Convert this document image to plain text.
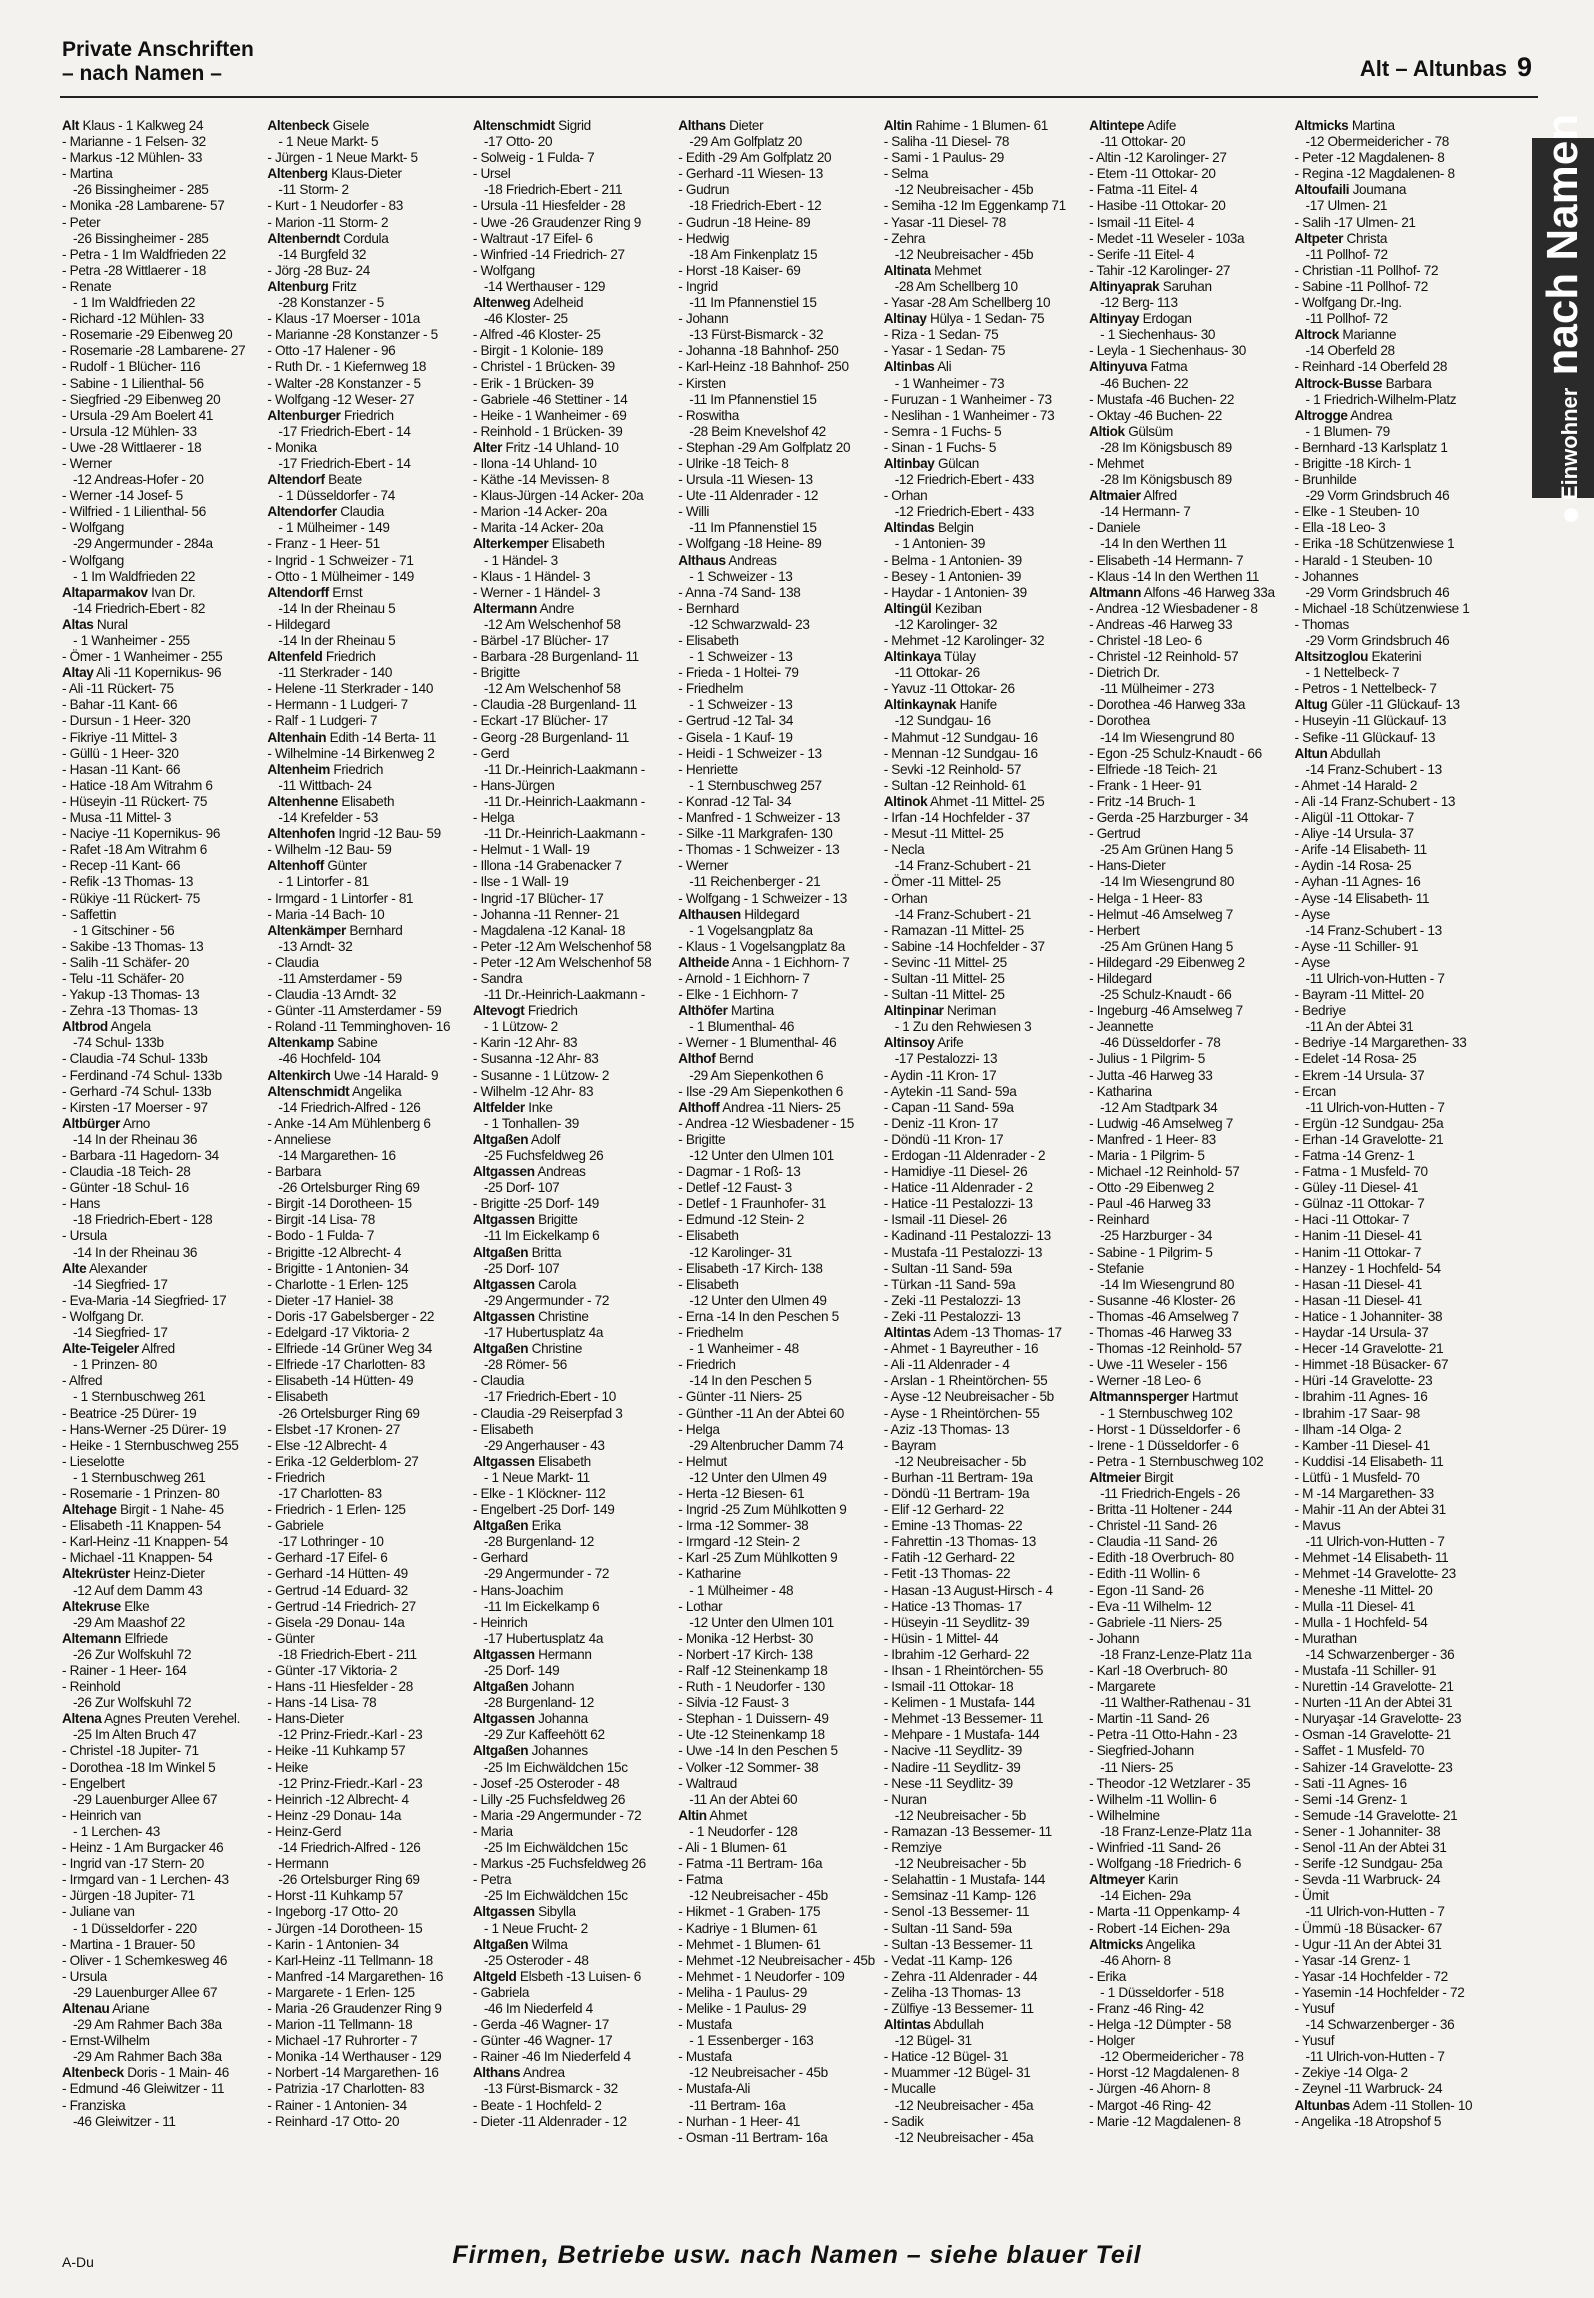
Private Anschriften
– nach Namen –	Alt – Altunbas 9
Einwohner nach Namen
Alt Klaus - 1 Kalkweg 24
- Marianne - 1 Felsen- 32
- Markus -12 Mühlen- 33
- Martina
-26 Bissingheimer - 285
- Monika -28 Lambarene- 57
- Peter
-26 Bissingheimer - 285
- Petra - 1 Im Waldfrieden 22
- Petra -28 Wittlaerer - 18
- Renate
- 1 Im Waldfrieden 22
- Richard -12 Mühlen- 33
- Rosemarie -29 Eibenweg 20
- Rosemarie -28 Lambarene- 27
- Rudolf - 1 Blücher- 116
- Sabine - 1 Lilienthal- 56
- Siegfried -29 Eibenweg 20
- Ursula -29 Am Boelert 41
- Ursula -12 Mühlen- 33
- Uwe -28 Wittlaerer - 18
- Werner
-12 Andreas-Hofer - 20
- Werner -14 Josef- 5
- Wilfried - 1 Lilienthal- 56
- Wolfgang
-29 Angermunder - 284a
- Wolfgang
- 1 Im Waldfrieden 22
Altaparmakov Ivan Dr.
-14 Friedrich-Ebert - 82
Altas Nural
- 1 Wanheimer - 255
- Ömer - 1 Wanheimer - 255
Altay Ali -11 Kopernikus- 96
- Ali -11 Rückert- 75
- Bahar -11 Kant- 66
- Dursun - 1 Heer- 320
- Fikriye -11 Mittel- 3
- Güllü - 1 Heer- 320
- Hasan -11 Kant- 66
- Hatice -18 Am Witrahm 6
- Hüseyin -11 Rückert- 75
- Musa -11 Mittel- 3
- Naciye -11 Kopernikus- 96
- Rafet -18 Am Witrahm 6
- Recep -11 Kant- 66
- Refik -13 Thomas- 13
- Rükiye -11 Rückert- 75
- Saffettin
- 1 Gitschiner - 56
- Sakibe -13 Thomas- 13
- Salih -11 Schäfer- 20
- Telu -11 Schäfer- 20
- Yakup -13 Thomas- 13
- Zehra -13 Thomas- 13
Altbrod Angela
-74 Schul- 133b
- Claudia -74 Schul- 133b
- Ferdinand -74 Schul- 133b
- Gerhard -74 Schul- 133b
- Kirsten -17 Moerser - 97
Altbürger Arno
-14 In der Rheinau 36
- Barbara -11 Hagedorn- 34
- Claudia -18 Teich- 28
- Günter -18 Schul- 16
- Hans
-18 Friedrich-Ebert - 128
- Ursula
-14 In der Rheinau 36
Alte Alexander
-14 Siegfried- 17
- Eva-Maria -14 Siegfried- 17
- Wolfgang Dr.
-14 Siegfried- 17
Alte-Teigeler Alfred
- 1 Prinzen- 80
- Alfred
- 1 Sternbuschweg 261
- Beatrice -25 Dürer- 19
- Hans-Werner -25 Dürer- 19
- Heike - 1 Sternbuschweg 255
- Lieselotte
- 1 Sternbuschweg 261
- Rosemarie - 1 Prinzen- 80
Altehage Birgit - 1 Nahe- 45
- Elisabeth -11 Knappen- 54
- Karl-Heinz -11 Knappen- 54
- Michael -11 Knappen- 54
Altekrüster Heinz-Dieter
-12 Auf dem Damm 43
Altekruse Elke
-29 Am Maashof 22
Altemann Elfriede
-26 Zur Wolfskuhl 72
- Rainer - 1 Heer- 164
- Reinhold
-26 Zur Wolfskuhl 72
Altena Agnes Preuten Verehel.
-25 Im Alten Bruch 47
- Christel -18 Jupiter- 71
- Dorothea -18 Im Winkel 5
- Engelbert
-29 Lauenburger Allee 67
- Heinrich van
- 1 Lerchen- 43
- Heinz - 1 Am Burgacker 46
- Ingrid van -17 Stern- 20
- Irmgard van - 1 Lerchen- 43
- Jürgen -18 Jupiter- 71
- Juliane van
- 1 Düsseldorfer - 220
- Martina - 1 Brauer- 50
- Oliver - 1 Schemkesweg 46
- Ursula
-29 Lauenburger Allee 67
Altenau Ariane
-29 Am Rahmer Bach 38a
- Ernst-Wilhelm
-29 Am Rahmer Bach 38a
Altenbeck Doris - 1 Main- 46
- Edmund -46 Gleiwitzer - 11
- Franziska
-46 Gleiwitzer - 11
Altenbeck Gisele
- 1 Neue Markt- 5
- Jürgen - 1 Neue Markt- 5
Altenberg Klaus-Dieter
-11 Storm- 2
- Kurt - 1 Neudorfer - 83
- Marion -11 Storm- 2
Altenberndt Cordula
-14 Burgfeld 32
- Jörg -28 Buz- 24
Altenburg Fritz
-28 Konstanzer - 5
- Klaus -17 Moerser - 101a
- Marianne -28 Konstanzer - 5
- Otto -17 Halener - 96
- Ruth Dr. - 1 Kiefernweg 18
- Walter -28 Konstanzer - 5
- Wolfgang -12 Weser- 27
Altenburger Friedrich
-17 Friedrich-Ebert - 14
- Monika
-17 Friedrich-Ebert - 14
Altendorf Beate
- 1 Düsseldorfer - 74
Altendorfer Claudia
- 1 Mülheimer - 149
- Franz - 1 Heer- 51
- Ingrid - 1 Schweizer - 71
- Otto - 1 Mülheimer - 149
Altendorff Ernst
-14 In der Rheinau 5
- Hildegard
-14 In der Rheinau 5
Altenfeld Friedrich
-11 Sterkrader - 140
- Helene -11 Sterkrader - 140
- Hermann - 1 Ludgeri- 7
- Ralf - 1 Ludgeri- 7
Altenhain Edith -14 Berta- 11
- Wilhelmine -14 Birkenweg 2
Altenheim Friedrich
-11 Wittbach- 24
Altenhenne Elisabeth
-14 Krefelder - 53
Altenhofen Ingrid -12 Bau- 59
- Wilhelm -12 Bau- 59
Altenhoff Günter
- 1 Lintorfer - 81
- Irmgard - 1 Lintorfer - 81
- Maria -14 Bach- 10
Altenkämper Bernhard
-13 Arndt- 32
- Claudia
-11 Amsterdamer - 59
- Claudia -13 Arndt- 32
- Günter -11 Amsterdamer - 59
- Roland -11 Temminghoven- 16
Altenkamp Sabine
-46 Hochfeld- 104
Altenkirch Uwe -14 Harald- 9
Altenschmidt Angelika
-14 Friedrich-Alfred - 126
- Anke -14 Am Mühlenberg 6
- Anneliese
-14 Margarethen- 16
- Barbara
-26 Ortelsburger Ring 69
- Birgit -14 Dorotheen- 15
- Birgit -14 Lisa- 78
- Bodo - 1 Fulda- 7
- Brigitte -12 Albrecht- 4
- Brigitte - 1 Antonien- 34
- Charlotte - 1 Erlen- 125
- Dieter -17 Haniel- 38
- Doris -17 Gabelsberger - 22
- Edelgard -17 Viktoria- 2
- Elfriede -14 Grüner Weg 34
- Elfriede -17 Charlotten- 83
- Elisabeth -14 Hütten- 49
- Elisabeth
-26 Ortelsburger Ring 69
- Elsbet -17 Kronen- 27
- Else -12 Albrecht- 4
- Erika -12 Gelderblom- 27
- Friedrich
-17 Charlotten- 83
- Friedrich - 1 Erlen- 125
- Gabriele
-17 Lothringer - 10
- Gerhard -17 Eifel- 6
- Gerhard -14 Hütten- 49
- Gertrud -14 Eduard- 32
- Gertrud -14 Friedrich- 27
- Gisela -29 Donau- 14a
- Günter
-18 Friedrich-Ebert - 211
- Günter -17 Viktoria- 2
- Hans -11 Hiesfelder - 28
- Hans -14 Lisa- 78
- Hans-Dieter
-12 Prinz-Friedr.-Karl - 23
- Heike -11 Kuhkamp 57
- Heike
-12 Prinz-Friedr.-Karl - 23
- Heinrich -12 Albrecht- 4
- Heinz -29 Donau- 14a
- Heinz-Gerd
-14 Friedrich-Alfred - 126
- Hermann
-26 Ortelsburger Ring 69
- Horst -11 Kuhkamp 57
- Ingeborg -17 Otto- 20
- Jürgen -14 Dorotheen- 15
- Karin - 1 Antonien- 34
- Karl-Heinz -11 Tellmann- 18
- Manfred -14 Margarethen- 16
- Margarete - 1 Erlen- 125
- Maria -26 Graudenzer Ring 9
- Marion -11 Tellmann- 18
- Michael -17 Ruhrorter - 7
- Monika -14 Werthauser - 129
- Norbert -14 Margarethen- 16
- Patrizia -17 Charlotten- 83
- Rainer - 1 Antonien- 34
- Reinhard -17 Otto- 20
Altenschmidt Sigrid
-17 Otto- 20
- Solweig - 1 Fulda- 7
- Ursel
-18 Friedrich-Ebert - 211
- Ursula -11 Hiesfelder - 28
- Uwe -26 Graudenzer Ring 9
- Waltraut -17 Eifel- 6
- Winfried -14 Friedrich- 27
- Wolfgang
-14 Werthauser - 129
Altenweg Adelheid
-46 Kloster- 25
- Alfred -46 Kloster- 25
- Birgit - 1 Kolonie- 189
- Christel - 1 Brücken- 39
- Erik - 1 Brücken- 39
- Gabriele -46 Stettiner - 14
- Heike - 1 Wanheimer - 69
- Reinhold - 1 Brücken- 39
Alter Fritz -14 Uhland- 10
- Ilona -14 Uhland- 10
- Käthe -14 Mevissen- 8
- Klaus-Jürgen -14 Acker- 20a
- Marion -14 Acker- 20a
- Marita -14 Acker- 20a
Alterkemper Elisabeth
- 1 Händel- 3
- Klaus - 1 Händel- 3
- Werner - 1 Händel- 3
Altermann Andre
-12 Am Welschenhof 58
- Bärbel -17 Blücher- 17
- Barbara -28 Burgenland- 11
- Brigitte
-12 Am Welschenhof 58
- Claudia -28 Burgenland- 11
- Eckart -17 Blücher- 17
- Georg -28 Burgenland- 11
- Gerd
-11 Dr.-Heinrich-Laakmann -
- Hans-Jürgen
-11 Dr.-Heinrich-Laakmann -
- Helga
-11 Dr.-Heinrich-Laakmann -
- Helmut - 1 Wall- 19
- Illona -14 Grabenacker 7
- Ilse - 1 Wall- 19
- Ingrid -17 Blücher- 17
- Johanna -11 Renner- 21
- Magdalena -12 Kanal- 18
- Peter -12 Am Welschenhof 58
- Peter -12 Am Welschenhof 58
- Sandra
-11 Dr.-Heinrich-Laakmann -
Altevogt Friedrich
- 1 Lützow- 2
- Karin -12 Ahr- 83
- Susanna -12 Ahr- 83
- Susanne - 1 Lützow- 2
- Wilhelm -12 Ahr- 83
Altfelder Inke
- 1 Tonhallen- 39
Altgaßen Adolf
-25 Fuchsfeldweg 26
Altgassen Andreas
-25 Dorf- 107
- Brigitte -25 Dorf- 149
Altgassen Brigitte
-11 Im Eickelkamp 6
Altgaßen Britta
-25 Dorf- 107
Altgassen Carola
-29 Angermunder - 72
Altgassen Christine
-17 Hubertusplatz 4a
Altgaßen Christine
-28 Römer- 56
- Claudia
-17 Friedrich-Ebert - 10
- Claudia -29 Reiserpfad 3
- Elisabeth
-29 Angerhauser - 43
Altgassen Elisabeth
- 1 Neue Markt- 11
- Elke - 1 Klöckner- 112
- Engelbert -25 Dorf- 149
Altgaßen Erika
-28 Burgenland- 12
- Gerhard
-29 Angermunder - 72
- Hans-Joachim
-11 Im Eickelkamp 6
- Heinrich
-17 Hubertusplatz 4a
Altgassen Hermann
-25 Dorf- 149
Altgaßen Johann
-28 Burgenland- 12
Altgassen Johanna
-29 Zur Kaffeehött 62
Altgaßen Johannes
-25 Im Eichwäldchen 15c
- Josef -25 Osteroder - 48
- Lilly -25 Fuchsfeldweg 26
- Maria -29 Angermunder - 72
- Maria
-25 Im Eichwäldchen 15c
- Markus -25 Fuchsfeldweg 26
- Petra
-25 Im Eichwäldchen 15c
Altgassen Sibylla
- 1 Neue Frucht- 2
Altgaßen Wilma
-25 Osteroder - 48
Altgeld Elsbeth -13 Luisen- 6
- Gabriela
-46 Im Niederfeld 4
- Gerda -46 Wagner- 17
- Günter -46 Wagner- 17
- Rainer -46 Im Niederfeld 4
Althans Andrea
-13 Fürst-Bismarck - 32
- Beate - 1 Hochfeld- 2
- Dieter -11 Aldenrader - 12
Althans Dieter
-29 Am Golfplatz 20
- Edith -29 Am Golfplatz 20
- Gerhard -11 Wiesen- 13
- Gudrun
-18 Friedrich-Ebert - 12
- Gudrun -18 Heine- 89
- Hedwig
-18 Am Finkenplatz 15
- Horst -18 Kaiser- 69
- Ingrid
-11 Im Pfannenstiel 15
- Johann
-13 Fürst-Bismarck - 32
- Johanna -18 Bahnhof- 250
- Karl-Heinz -18 Bahnhof- 250
- Kirsten
-11 Im Pfannenstiel 15
- Roswitha
-28 Beim Knevelshof 42
- Stephan -29 Am Golfplatz 20
- Ulrike -18 Teich- 8
- Ursula -11 Wiesen- 13
- Ute -11 Aldenrader - 12
- Willi
-11 Im Pfannenstiel 15
- Wolfgang -18 Heine- 89
Althaus Andreas
- 1 Schweizer - 13
- Anna -74 Sand- 138
- Bernhard
-12 Schwarzwald- 23
- Elisabeth
- 1 Schweizer - 13
- Frieda - 1 Holtei- 79
- Friedhelm
- 1 Schweizer - 13
- Gertrud -12 Tal- 34
- Gisela - 1 Kauf- 19
- Heidi - 1 Schweizer - 13
- Henriette
- 1 Sternbuschweg 257
- Konrad -12 Tal- 34
- Manfred - 1 Schweizer - 13
- Silke -11 Markgrafen- 130
- Thomas - 1 Schweizer - 13
- Werner
-11 Reichenberger - 21
- Wolfgang - 1 Schweizer - 13
Althausen Hildegard
- 1 Vogelsangplatz 8a
- Klaus - 1 Vogelsangplatz 8a
Altheide Anna - 1 Eichhorn- 7
- Arnold - 1 Eichhorn- 7
- Elke - 1 Eichhorn- 7
Althöfer Martina
- 1 Blumenthal- 46
- Werner - 1 Blumenthal- 46
Althof Bernd
-29 Am Siepenkothen 6
- Ilse -29 Am Siepenkothen 6
Althoff Andrea -11 Niers- 25
- Andrea -12 Wiesbadener - 15
- Brigitte
-12 Unter den Ulmen 101
- Dagmar - 1 Roß- 13
- Detlef -12 Faust- 3
- Detlef - 1 Fraunhofer- 31
- Edmund -12 Stein- 2
- Elisabeth
-12 Karolinger- 31
- Elisabeth -17 Kirch- 138
- Elisabeth
-12 Unter den Ulmen 49
- Erna -14 In den Peschen 5
- Friedhelm
- 1 Wanheimer - 48
- Friedrich
-14 In den Peschen 5
- Günter -11 Niers- 25
- Günther -11 An der Abtei 60
- Helga
-29 Altenbrucher Damm 74
- Helmut
-12 Unter den Ulmen 49
- Herta -12 Biesen- 61
- Ingrid -25 Zum Mühlkotten 9
- Irma -12 Sommer- 38
- Irmgard -12 Stein- 2
- Karl -25 Zum Mühlkotten 9
- Katharine
- 1 Mülheimer - 48
- Lothar
-12 Unter den Ulmen 101
- Monika -12 Herbst- 30
- Norbert -17 Kirch- 138
- Ralf -12 Steinenkamp 18
- Ruth - 1 Neudorfer - 130
- Silvia -12 Faust- 3
- Stephan - 1 Duissern- 49
- Ute -12 Steinenkamp 18
- Uwe -14 In den Peschen 5
- Volker -12 Sommer- 38
- Waltraud
-11 An der Abtei 60
Altin Ahmet
- 1 Neudorfer - 128
- Ali - 1 Blumen- 61
- Fatma -11 Bertram- 16a
- Fatma
-12 Neubreisacher - 45b
- Hikmet - 1 Graben- 175
- Kadriye - 1 Blumen- 61
- Mehmet - 1 Blumen- 61
- Mehmet -12 Neubreisacher - 45b
- Mehmet - 1 Neudorfer - 109
- Meliha - 1 Paulus- 29
- Melike - 1 Paulus- 29
- Mustafa
- 1 Essenberger - 163
- Mustafa
-12 Neubreisacher - 45b
- Mustafa-Ali
-11 Bertram- 16a
- Nurhan - 1 Heer- 41
- Osman -11 Bertram- 16a
Altin Rahime - 1 Blumen- 61
- Saliha -11 Diesel- 78
- Sami - 1 Paulus- 29
- Selma
-12 Neubreisacher - 45b
- Semiha -12 Im Eggenkamp 71
- Yasar -11 Diesel- 78
- Zehra
-12 Neubreisacher - 45b
Altinata Mehmet
-28 Am Schellberg 10
- Yasar -28 Am Schellberg 10
Altinay Hülya - 1 Sedan- 75
- Riza - 1 Sedan- 75
- Yasar - 1 Sedan- 75
Altinbas Ali
- 1 Wanheimer - 73
- Furuzan - 1 Wanheimer - 73
- Neslihan - 1 Wanheimer - 73
- Semra - 1 Fuchs- 5
- Sinan - 1 Fuchs- 5
Altinbay Gülcan
-12 Friedrich-Ebert - 433
- Orhan
-12 Friedrich-Ebert - 433
Altindas Belgin
- 1 Antonien- 39
- Belma - 1 Antonien- 39
- Besey - 1 Antonien- 39
- Haydar - 1 Antonien- 39
Altingül Keziban
-12 Karolinger- 32
- Mehmet -12 Karolinger- 32
Altinkaya Tülay
-11 Ottokar- 26
- Yavuz -11 Ottokar- 26
Altinkaynak Hanife
-12 Sundgau- 16
- Mahmut -12 Sundgau- 16
- Mennan -12 Sundgau- 16
- Sevki -12 Reinhold- 57
- Sultan -12 Reinhold- 61
Altinok Ahmet -11 Mittel- 25
- Irfan -14 Hochfelder - 37
- Mesut -11 Mittel- 25
- Necla
-14 Franz-Schubert - 21
- Ömer -11 Mittel- 25
- Orhan
-14 Franz-Schubert - 21
- Ramazan -11 Mittel- 25
- Sabine -14 Hochfelder - 37
- Sevinc -11 Mittel- 25
- Sultan -11 Mittel- 25
- Sultan -11 Mittel- 25
Altinpinar Neriman
- 1 Zu den Rehwiesen 3
Altinsoy Arife
-17 Pestalozzi- 13
- Aydin -11 Kron- 17
- Aytekin -11 Sand- 59a
- Capan -11 Sand- 59a
- Deniz -11 Kron- 17
- Döndü -11 Kron- 17
- Erdogan -11 Aldenrader - 2
- Hamidiye -11 Diesel- 26
- Hatice -11 Aldenrader - 2
- Hatice -11 Pestalozzi- 13
- Ismail -11 Diesel- 26
- Kadinand -11 Pestalozzi- 13
- Mustafa -11 Pestalozzi- 13
- Sultan -11 Sand- 59a
- Türkan -11 Sand- 59a
- Zeki -11 Pestalozzi- 13
- Zeki -11 Pestalozzi- 13
Altintas Adem -13 Thomas- 17
- Ahmet - 1 Bayreuther - 16
- Ali -11 Aldenrader - 4
- Arslan - 1 Rheintörchen- 55
- Ayse -12 Neubreisacher - 5b
- Ayse - 1 Rheintörchen- 55
- Aziz -13 Thomas- 13
- Bayram
-12 Neubreisacher - 5b
- Burhan -11 Bertram- 19a
- Döndü -11 Bertram- 19a
- Elif -12 Gerhard- 22
- Emine -13 Thomas- 22
- Fahrettin -13 Thomas- 13
- Fatih -12 Gerhard- 22
- Fetit -13 Thomas- 22
- Hasan -13 August-Hirsch - 4
- Hatice -13 Thomas- 17
- Hüseyin -11 Seydlitz- 39
- Hüsin - 1 Mittel- 44
- Ibrahim -12 Gerhard- 22
- Ihsan - 1 Rheintörchen- 55
- Ismail -11 Ottokar- 18
- Kelimen - 1 Mustafa- 144
- Mehmet -13 Bessemer- 11
- Mehpare - 1 Mustafa- 144
- Nacive -11 Seydlitz- 39
- Nadire -11 Seydlitz- 39
- Nese -11 Seydlitz- 39
- Nuran
-12 Neubreisacher - 5b
- Ramazan -13 Bessemer- 11
- Remziye
-12 Neubreisacher - 5b
- Selahattin - 1 Mustafa- 144
- Semsinaz -11 Kamp- 126
- Senol -13 Bessemer- 11
- Sultan -11 Sand- 59a
- Sultan -13 Bessemer- 11
- Vedat -11 Kamp- 126
- Zehra -11 Aldenrader - 44
- Zeliha -13 Thomas- 13
- Zülfiye -13 Bessemer- 11
Altintas Abdullah
-12 Bügel- 31
- Hatice -12 Bügel- 31
- Muammer -12 Bügel- 31
- Mucalle
-12 Neubreisacher - 45a
- Sadik
-12 Neubreisacher - 45a
Altintepe Adife
-11 Ottokar- 20
- Altin -12 Karolinger- 27
- Etem -11 Ottokar- 20
- Fatma -11 Eitel- 4
- Hasibe -11 Ottokar- 20
- Ismail -11 Eitel- 4
- Medet -11 Weseler - 103a
- Serife -11 Eitel- 4
- Tahir -12 Karolinger- 27
Altinyaprak Saruhan
-12 Berg- 113
Altinyay Erdogan
- 1 Siechenhaus- 30
- Leyla - 1 Siechenhaus- 30
Altinyuva Fatma
-46 Buchen- 22
- Mustafa -46 Buchen- 22
- Oktay -46 Buchen- 22
Altiok Gülsüm
-28 Im Königsbusch 89
- Mehmet
-28 Im Königsbusch 89
Altmaier Alfred
-14 Hermann- 7
- Daniele
-14 In den Werthen 11
- Elisabeth -14 Hermann- 7
- Klaus -14 In den Werthen 11
Altmann Alfons -46 Harweg 33a
- Andrea -12 Wiesbadener - 8
- Andreas -46 Harweg 33
- Christel -18 Leo- 6
- Christel -12 Reinhold- 57
- Dietrich Dr.
-11 Mülheimer - 273
- Dorothea -46 Harweg 33a
- Dorothea
-14 Im Wiesengrund 80
- Egon -25 Schulz-Knaudt - 66
- Elfriede -18 Teich- 21
- Frank - 1 Heer- 91
- Fritz -14 Bruch- 1
- Gerda -25 Harzburger - 34
- Gertrud
-25 Am Grünen Hang 5
- Hans-Dieter
-14 Im Wiesengrund 80
- Helga - 1 Heer- 83
- Helmut -46 Amselweg 7
- Herbert
-25 Am Grünen Hang 5
- Hildegard -29 Eibenweg 2
- Hildegard
-25 Schulz-Knaudt - 66
- Ingeburg -46 Amselweg 7
- Jeannette
-46 Düsseldorfer - 78
- Julius - 1 Pilgrim- 5
- Jutta -46 Harweg 33
- Katharina
-12 Am Stadtpark 34
- Ludwig -46 Amselweg 7
- Manfred - 1 Heer- 83
- Maria - 1 Pilgrim- 5
- Michael -12 Reinhold- 57
- Otto -29 Eibenweg 2
- Paul -46 Harweg 33
- Reinhard
-25 Harzburger - 34
- Sabine - 1 Pilgrim- 5
- Stefanie
-14 Im Wiesengrund 80
- Susanne -46 Kloster- 26
- Thomas -46 Amselweg 7
- Thomas -46 Harweg 33
- Thomas -12 Reinhold- 57
- Uwe -11 Weseler - 156
- Werner -18 Leo- 6
Altmannsperger Hartmut
- 1 Sternbuschweg 102
- Horst - 1 Düsseldorfer - 6
- Irene - 1 Düsseldorfer - 6
- Petra - 1 Sternbuschweg 102
Altmeier Birgit
-11 Friedrich-Engels - 26
- Britta -11 Holtener - 244
- Christel -11 Sand- 26
- Claudia -11 Sand- 26
- Edith -18 Overbruch- 80
- Edith -11 Wollin- 6
- Egon -11 Sand- 26
- Eva -11 Wilhelm- 12
- Gabriele -11 Niers- 25
- Johann
-18 Franz-Lenze-Platz 11a
- Karl -18 Overbruch- 80
- Margarete
-11 Walther-Rathenau - 31
- Martin -11 Sand- 26
- Petra -11 Otto-Hahn - 23
- Siegfried-Johann
-11 Niers- 25
- Theodor -12 Wetzlarer - 35
- Wilhelm -11 Wollin- 6
- Wilhelmine
-18 Franz-Lenze-Platz 11a
- Winfried -11 Sand- 26
- Wolfgang -18 Friedrich- 6
Altmeyer Karin
-14 Eichen- 29a
- Marta -11 Oppenkamp- 4
- Robert -14 Eichen- 29a
Altmicks Angelika
-46 Ahorn- 8
- Erika
- 1 Düsseldorfer - 518
- Franz -46 Ring- 42
- Helga -12 Dümpter - 58
- Holger
-12 Obermeidericher - 78
- Horst -12 Magdalenen- 8
- Jürgen -46 Ahorn- 8
- Margot -46 Ring- 42
- Marie -12 Magdalenen- 8
Altmicks Martina
-12 Obermeidericher - 78
- Peter -12 Magdalenen- 8
- Regina -12 Magdalenen- 8
Altoufaili Joumana
-17 Ulmen- 21
- Salih -17 Ulmen- 21
Altpeter Christa
-11 Pollhof- 72
- Christian -11 Pollhof- 72
- Sabine -11 Pollhof- 72
- Wolfgang Dr.-Ing.
-11 Pollhof- 72
Altrock Marianne
-14 Oberfeld 28
- Reinhard -14 Oberfeld 28
Altrock-Busse Barbara
- 1 Friedrich-Wilhelm-Platz
Altrogge Andrea
- 1 Blumen- 79
- Bernhard -13 Karlsplatz 1
- Brigitte -18 Kirch- 1
- Brunhilde
-29 Vorm Grindsbruch 46
- Elke - 1 Steuben- 10
- Ella -18 Leo- 3
- Erika -18 Schützenwiese 1
- Harald - 1 Steuben- 10
- Johannes
-29 Vorm Grindsbruch 46
- Michael -18 Schützenwiese 1
- Thomas
-29 Vorm Grindsbruch 46
Altsitzoglou Ekaterini
- 1 Nettelbeck- 7
- Petros - 1 Nettelbeck- 7
Altug Güler -11 Glückauf- 13
- Huseyin -11 Glückauf- 13
- Sefike -11 Glückauf- 13
Altun Abdullah
-14 Franz-Schubert - 13
- Ahmet -14 Harald- 2
- Ali -14 Franz-Schubert - 13
- Aligül -11 Ottokar- 7
- Aliye -14 Ursula- 37
- Arife -14 Elisabeth- 11
- Aydin -14 Rosa- 25
- Ayhan -11 Agnes- 16
- Ayse -14 Elisabeth- 11
- Ayse
-14 Franz-Schubert - 13
- Ayse -11 Schiller- 91
- Ayse
-11 Ulrich-von-Hutten - 7
- Bayram -11 Mittel- 20
- Bedriye
-11 An der Abtei 31
- Bedriye -14 Margarethen- 33
- Edelet -14 Rosa- 25
- Ekrem -14 Ursula- 37
- Ercan
-11 Ulrich-von-Hutten - 7
- Ergün -12 Sundgau- 25a
- Erhan -14 Gravelotte- 21
- Fatma -14 Grenz- 1
- Fatma - 1 Musfeld- 70
- Güley -11 Diesel- 41
- Gülnaz -11 Ottokar- 7
- Haci -11 Ottokar- 7
- Hanim -11 Diesel- 41
- Hanim -11 Ottokar- 7
- Hanzey - 1 Hochfeld- 54
- Hasan -11 Diesel- 41
- Hasan -11 Diesel- 41
- Hatice - 1 Johanniter- 38
- Haydar -14 Ursula- 37
- Hecer -14 Gravelotte- 21
- Himmet -18 Büsacker- 67
- Hüri -14 Gravelotte- 23
- Ibrahim -11 Agnes- 16
- Ibrahim -17 Saar- 98
- Ilham -14 Olga- 2
- Kamber -11 Diesel- 41
- Kuddisi -14 Elisabeth- 11
- Lütfü - 1 Musfeld- 70
- M -14 Margarethen- 33
- Mahir -11 An der Abtei 31
- Mavus
-11 Ulrich-von-Hutten - 7
- Mehmet -14 Elisabeth- 11
- Mehmet -14 Gravelotte- 23
- Meneshe -11 Mittel- 20
- Mulla -11 Diesel- 41
- Mulla - 1 Hochfeld- 54
- Murathan
-14 Schwarzenberger - 36
- Mustafa -11 Schiller- 91
- Nurettin -14 Gravelotte- 21
- Nurten -11 An der Abtei 31
- Nuryaşar -14 Gravelotte- 23
- Osman -14 Gravelotte- 21
- Saffet - 1 Musfeld- 70
- Sahizer -14 Gravelotte- 23
- Sati -11 Agnes- 16
- Semi -14 Grenz- 1
- Semude -14 Gravelotte- 21
- Sener - 1 Johanniter- 38
- Senol -11 An der Abtei 31
- Serife -12 Sundgau- 25a
- Sevda -11 Warbruck- 24
- Ümit
-11 Ulrich-von-Hutten - 7
- Ümmü -18 Büsacker- 67
- Ugur -11 An der Abtei 31
- Yasar -14 Grenz- 1
- Yasar -14 Hochfelder - 72
- Yasemin -14 Hochfelder - 72
- Yusuf
-14 Schwarzenberger - 36
- Yusuf
-11 Ulrich-von-Hutten - 7
- Zekiye -14 Olga- 2
- Zeynel -11 Warbruck- 24
Altunbas Adem -11 Stollen- 10
- Angelika -18 Atropshof 5
A-Du	Firmen, Betriebe usw. nach Namen – siehe blauer Teil
